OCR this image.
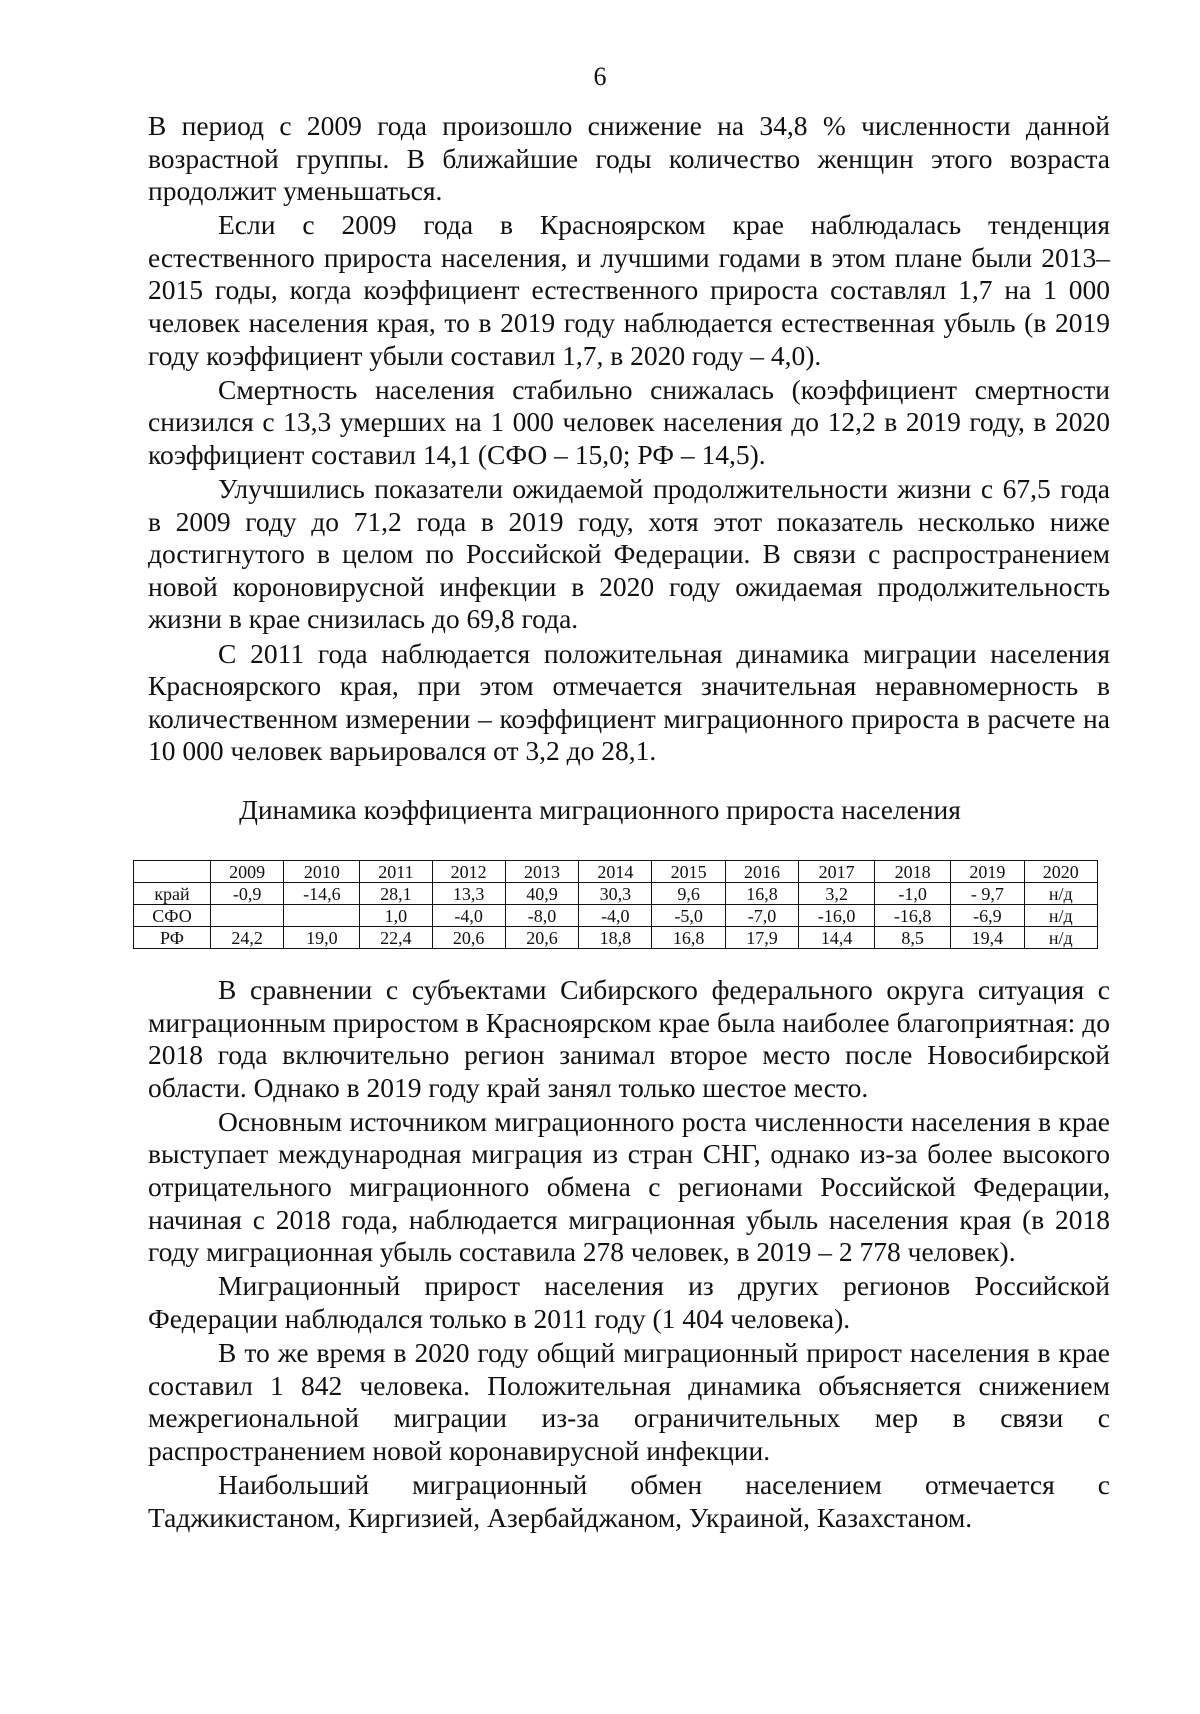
6

В период с 2009 года произошло снижение на 34,8 % численности данной возрастной группы. В ближайшие годы количество женщин этого возраста продолжит уменьшаться.

Если с 2009 года в Красноярском крае наблюдалась тенденция естественного прироста населения, и лучшими годами в этом плане были 2013–2015 годы, когда коэффициент естественного прироста составлял 1,7 на 1 000 человек населения края, то в 2019 году наблюдается естественная убыль (в 2019 году коэффициент убыли составил 1,7, в 2020 году – 4,0).

Смертность населения стабильно снижалась (коэффициент смертности снизился с 13,3 умерших на 1 000 человек населения до 12,2 в 2019 году, в 2020 коэффициент составил 14,1 (СФО – 15,0; РФ – 14,5).

Улучшились показатели ожидаемой продолжительности жизни с 67,5 года в 2009 году до 71,2 года в 2019 году, хотя этот показатель несколько ниже достигнутого в целом по Российской Федерации. В связи с распространением новой короновирусной инфекции в 2020 году ожидаемая продолжительность жизни в крае снизилась до 69,8 года.

С 2011 года наблюдается положительная динамика миграции населения Красноярского края, при этом отмечается значительная неравномерность в количественном измерении – коэффициент миграционного прироста в расчете на 10 000 человек варьировался от 3,2 до 28,1.

Динамика коэффициента миграционного прироста населения
	2009	2010	2011	2012	2013	2014	2015	2016	2017	2018	2019	2020
край	-0,9	-14,6	28,1	13,3	40,9	30,3	9,6	16,8	3,2	-1,0	- 9,7	н/д
СФО			1,0	-4,0	-8,0	-4,0	-5,0	-7,0	-16,0	-16,8	-6,9	н/д
РФ	24,2	19,0	22,4	20,6	20,6	18,8	16,8	17,9	14,4	8,5	19,4	н/д

В сравнении с субъектами Сибирского федерального округа ситуация с миграционным приростом в Красноярском крае была наиболее благоприятная: до 2018 года включительно регион занимал второе место после Новосибирской области. Однако в 2019 году край занял только шестое место.

Основным источником миграционного роста численности населения в крае выступает международная миграция из стран СНГ, однако из-за более высокого отрицательного миграционного обмена с регионами Российской Федерации, начиная с 2018 года, наблюдается миграционная убыль населения края (в 2018 году миграционная убыль составила 278 человек, в 2019 – 2 778 человек).

Миграционный прирост населения из других регионов Российской Федерации наблюдался только в 2011 году (1 404 человека).

В то же время в 2020 году общий миграционный прирост населения в крае составил 1 842 человека. Положительная динамика объясняется снижением межрегиональной миграции из-за ограничительных мер в связи с распространением новой коронавирусной инфекции.

Наибольший миграционный обмен населением отмечается с Таджикистаном, Киргизией, Азербайджаном, Украиной, Казахстаном.
